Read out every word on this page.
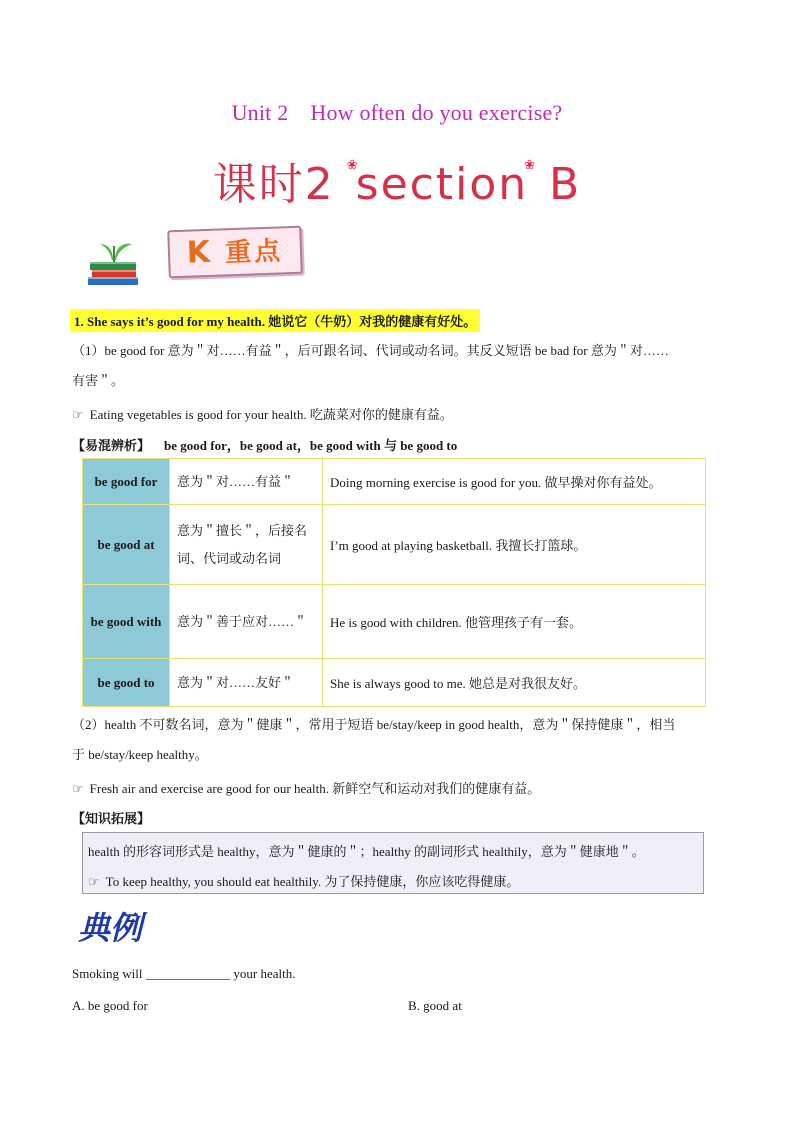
Unit 2 How often do you exercise?
课时2 ❀section❀ B
K 重点
1. She says it’s good for my health. 她说它（牛奶）对我的健康有好处。
（1）be good for 意为＂对……有益＂，后可跟名词、代词或动名词。其反义短语 be bad for 意为＂对……
有害＂。
☞ Eating vegetables is good for your health. 吃蔬菜对你的健康有益。
【易混辨析】 be good for，be good at，be good with 与 be good to
be good for	意为＂对……有益＂	Doing morning exercise is good for you. 做早操对你有益处。
be good at	意为＂擅长＂，后接名词、代词或动名词	I’m good at playing basketball. 我擅长打篮球。
be good with	意为＂善于应对……＂	He is good with children. 他管理孩子有一套。
be good to	意为＂对……友好＂	She is always good to me. 她总是对我很友好。
（2）health 不可数名词，意为＂健康＂，常用于短语 be/stay/keep in good health，意为＂保持健康＂，相当
于 be/stay/keep healthy。
☞ Fresh air and exercise are good for our health. 新鲜空气和运动对我们的健康有益。
【知识拓展】
health 的形容词形式是 healthy，意为＂健康的＂；healthy 的副词形式 healthily，意为＂健康地＂。
☞ To keep healthy, you should eat healthily. 为了保持健康，你应该吃得健康。
典例
Smoking will _____________ your health.
A. be good for	B. good at
